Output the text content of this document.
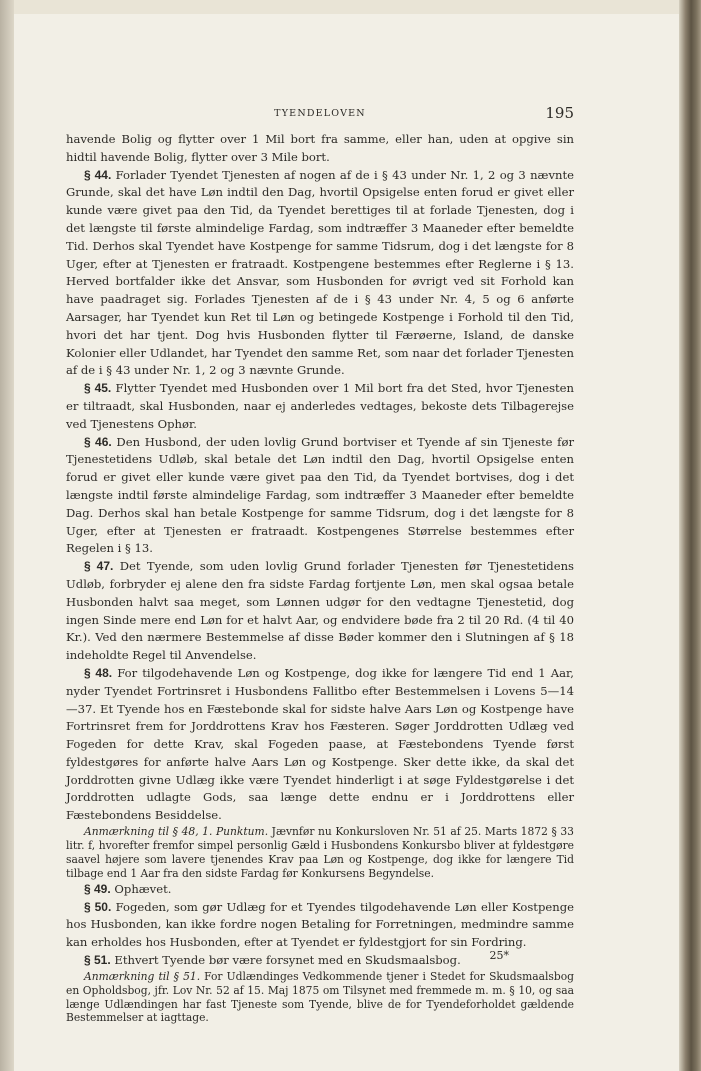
TYENDELOVEN	195

havende Bolig og flytter over 1 Mil bort fra samme, eller han, uden at opgive sin hidtil havende Bolig, flytter over 3 Mile bort.

§ 44. Forlader Tyendet Tjenesten af nogen af de i § 43 under Nr. 1, 2 og 3 nævnte Grunde, skal det have Løn indtil den Dag, hvortil Opsigelse enten forud er givet eller kunde være givet paa den Tid, da Tyendet berettiges til at forlade Tjenesten, dog i det længste til første almindelige Fardag, som indtræffer 3 Maaneder efter bemeldte Tid. Derhos skal Tyendet have Kostpenge for samme Tidsrum, dog i det længste for 8 Uger, efter at Tjenesten er fratraadt. Kostpengene bestemmes efter Reglerne i § 13. Herved bortfalder ikke det Ansvar, som Husbonden for øvrigt ved sit Forhold kan have paadraget sig. Forlades Tjenesten af de i § 43 under Nr. 4, 5 og 6 anførte Aarsager, har Tyendet kun Ret til Løn og betingede Kostpenge i Forhold til den Tid, hvori det har tjent. Dog hvis Husbonden flytter til Færøerne, Island, de danske Kolonier eller Udlandet, har Tyendet den samme Ret, som naar det forlader Tjenesten af de i § 43 under Nr. 1, 2 og 3 nævnte Grunde.

§ 45. Flytter Tyendet med Husbonden over 1 Mil bort fra det Sted, hvor Tjenesten er tiltraadt, skal Husbonden, naar ej anderledes vedtages, bekoste dets Tilbagerejse ved Tjenestens Ophør.

§ 46. Den Husbond, der uden lovlig Grund bortviser et Tyende af sin Tjeneste før Tjenestetidens Udløb, skal betale det Løn indtil den Dag, hvortil Opsigelse enten forud er givet eller kunde være givet paa den Tid, da Tyendet bortvises, dog i det længste indtil første almindelige Fardag, som indtræffer 3 Maaneder efter bemeldte Dag. Derhos skal han betale Kostpenge for samme Tidsrum, dog i det længste for 8 Uger, efter at Tjenesten er fratraadt. Kostpengenes Størrelse bestemmes efter Regelen i § 13.

§ 47. Det Tyende, som uden lovlig Grund forlader Tjenesten før Tjenestetidens Udløb, forbryder ej alene den fra sidste Fardag fortjente Løn, men skal ogsaa betale Husbonden halvt saa meget, som Lønnen udgør for den vedtagne Tjenestetid, dog ingen Sinde mere end Løn for et halvt Aar, og endvidere bøde fra 2 til 20 Rd. (4 til 40 Kr.). Ved den nærmere Bestemmelse af disse Bøder kommer den i Slutningen af § 18 indeholdte Regel til Anvendelse.

§ 48. For tilgodehavende Løn og Kostpenge, dog ikke for længere Tid end 1 Aar, nyder Tyendet Fortrinsret i Husbondens Fallitbo efter Bestemmelsen i Lovens 5—14—37. Et Tyende hos en Fæstebonde skal for sidste halve Aars Løn og Kostpenge have Fortrinsret frem for Jorddrottens Krav hos Fæsteren. Søger Jorddrotten Udlæg ved Fogeden for dette Krav, skal Fogeden paase, at Fæstebondens Tyende først fyldestgøres for anførte halve Aars Løn og Kostpenge. Sker dette ikke, da skal det Jorddrotten givne Udlæg ikke være Tyendet hinderligt i at søge Fyldestgørelse i det Jorddrotten udlagte Gods, saa længe dette endnu er i Jorddrottens eller Fæstebondens Besiddelse.

Anmærkning til § 48, 1. Punktum. Jævnfør nu Konkursloven Nr. 51 af 25. Marts 1872 § 33 litr. f, hvorefter fremfor simpel personlig Gæld i Husbondens Konkursbo bliver at fyldestgøre saavel højere som lavere tjenendes Krav paa Løn og Kostpenge, dog ikke for længere Tid tilbage end 1 Aar fra den sidste Fardag før Konkursens Begyndelse.

§ 49. Ophævet.

§ 50. Fogeden, som gør Udlæg for et Tyendes tilgodehavende Løn eller Kostpenge hos Husbonden, kan ikke fordre nogen Betaling for Forretningen, medmindre samme kan erholdes hos Husbonden, efter at Tyendet er fyldestgjort for sin Fordring.

§ 51. Ethvert Tyende bør være forsynet med en Skudsmaalsbog.

Anmærkning til § 51. For Udlændinges Vedkommende tjener i Stedet for Skudsmaalsbog en Opholdsbog, jfr. Lov Nr. 52 af 15. Maj 1875 om Tilsynet med fremmede m. m. § 10, og saa længe Udlændingen har fast Tjeneste som Tyende, blive de for Tyendeforholdet gældende Bestemmelser at iagttage.

25*
